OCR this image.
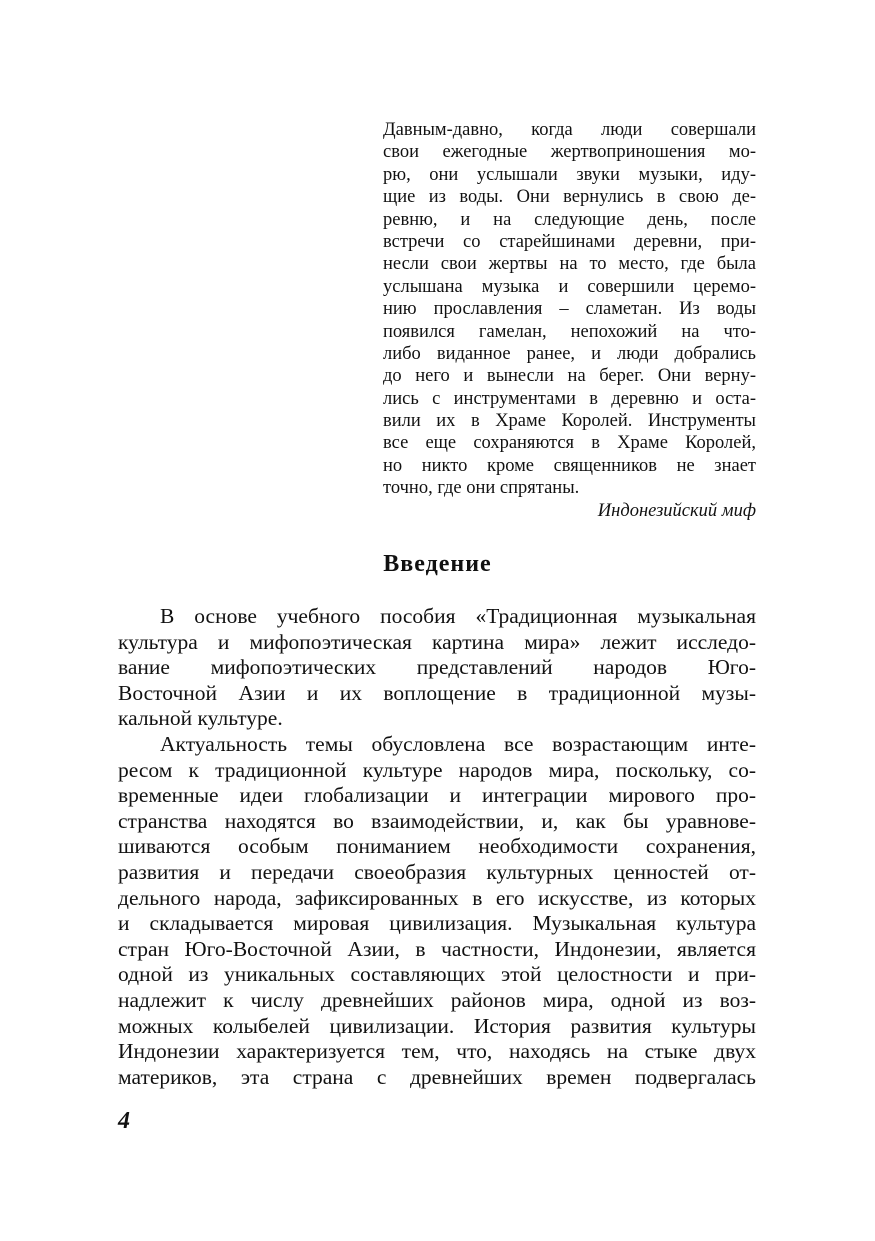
Давным-давно, когда люди совершали
свои ежегодные жертвоприношения мо-
рю, они услышали звуки музыки, иду-
щие из воды. Они вернулись в свою де-
ревню, и на следующие день, после
встречи со старейшинами деревни, при-
несли свои жертвы на то место, где была
услышана музыка и совершили церемо-
нию прославления – сламетан. Из воды
появился гамелан, непохожий на что-
либо виданное ранее, и люди добрались
до него и вынесли на берег. Они верну-
лись с инструментами в деревню и оста-
вили их в Храме Королей. Инструменты
все еще сохраняются в Храме Королей,
но никто кроме священников не знает
точно, где они спрятаны.
Индонезийский миф
Введение
В основе учебного пособия «Традиционная музыкальная
культура и мифопоэтическая картина мира» лежит исследо-
вание мифопоэтических представлений народов Юго-
Восточной Азии и их воплощение в традиционной музы-
кальной культуре.
Актуальность темы обусловлена все возрастающим инте-
ресом к традиционной культуре народов мира, поскольку, со-
временные идеи глобализации и интеграции мирового про-
странства находятся во взаимодействии, и, как бы уравнове-
шиваются особым пониманием необходимости сохранения,
развития и передачи своеобразия культурных ценностей от-
дельного народа, зафиксированных в его искусстве, из которых
и складывается мировая цивилизация. Музыкальная культура
стран Юго-Восточной Азии, в частности, Индонезии, является
одной из уникальных составляющих этой целостности и при-
надлежит к числу древнейших районов мира, одной из воз-
можных колыбелей цивилизации. История развития культуры
Индонезии характеризуется тем, что, находясь на стыке двух
материков, эта страна с древнейших времен подвергалась
4
